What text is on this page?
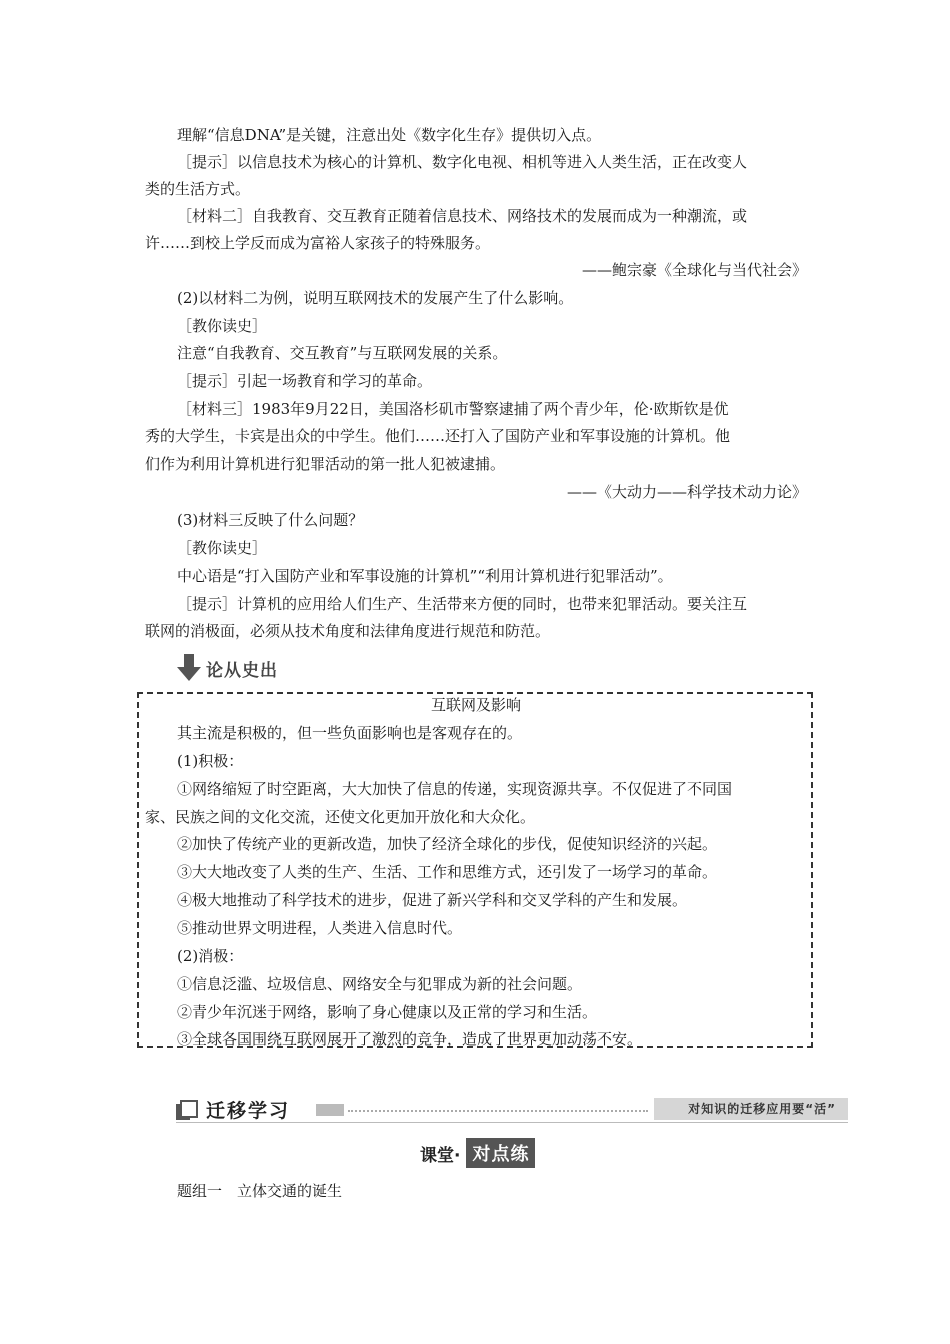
理解“信息DNA”是关键，注意出处《数字化生存》提供切入点。
［提示］以信息技术为核心的计算机、数字化电视、相机等进入人类生活，正在改变人
类的生活方式。
［材料二］自我教育、交互教育正随着信息技术、网络技术的发展而成为一种潮流，或
许……到校上学反而成为富裕人家孩子的特殊服务。
——鲍宗豪《全球化与当代社会》
(2)以材料二为例，说明互联网技术的发展产生了什么影响。
［教你读史］
注意“自我教育、交互教育”与互联网发展的关系。
［提示］引起一场教育和学习的革命。
［材料三］1983年9月22日，美国洛杉矶市警察逮捕了两个青少年，伦·欧斯钦是优
秀的大学生，卡宾是出众的中学生。他们……还打入了国防产业和军事设施的计算机。他
们作为利用计算机进行犯罪活动的第一批人犯被逮捕。
——《大动力——科学技术动力论》
(3)材料三反映了什么问题？
［教你读史］
中心语是“打入国防产业和军事设施的计算机”“利用计算机进行犯罪活动”。
［提示］计算机的应用给人们生产、生活带来方便的同时，也带来犯罪活动。要关注互
联网的消极面，必须从技术角度和法律角度进行规范和防范。
论从史出
互联网及影响
其主流是积极的，但一些负面影响也是客观存在的。
(1)积极：
①网络缩短了时空距离，大大加快了信息的传递，实现资源共享。不仅促进了不同国
家、民族之间的文化交流，还使文化更加开放化和大众化。
②加快了传统产业的更新改造，加快了经济全球化的步伐，促使知识经济的兴起。
③大大地改变了人类的生产、生活、工作和思维方式，还引发了一场学习的革命。
④极大地推动了科学技术的进步，促进了新兴学科和交叉学科的产生和发展。
⑤推动世界文明进程，人类进入信息时代。
(2)消极：
①信息泛滥、垃圾信息、网络安全与犯罪成为新的社会问题。
②青少年沉迷于网络，影响了身心健康以及正常的学习和生活。
③全球各国围绕互联网展开了激烈的竞争，造成了世界更加动荡不安。
迁移学习	对知识的迁移应用要“活”
课堂· 对点练
题组一　立体交通的诞生
